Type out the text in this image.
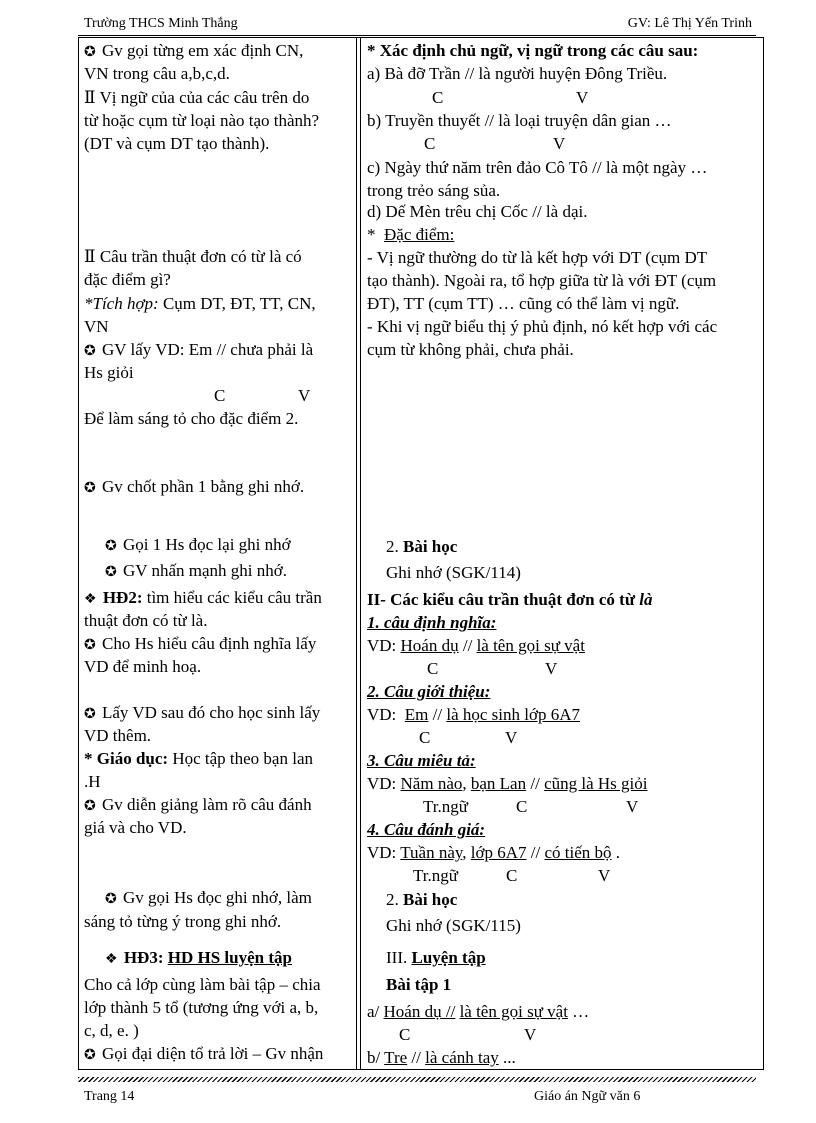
Trường THCS Minh Thắng	GV: Lê Thị Yến Trinh
✪ Gv gọi từng em xác định CN,
VN trong câu a,b,c,d.
Ⅱ Vị ngữ của của các câu trên do
từ hoặc cụm từ loại nào tạo thành?
(DT và cụm DT tạo thành).
Ⅱ Câu trần thuật đơn có từ là có
đặc điểm gì?
*Tích hợp: Cụm DT, ĐT, TT, CN,
VN
✪ GV lấy VD: Em // chưa phải là
Hs giỏi
C	V
Để làm sáng tỏ cho đặc điểm 2.
✪ Gv chốt phần 1 bằng ghi nhớ.
✪ Gọi 1 Hs đọc lại ghi nhớ
✪ GV nhấn mạnh ghi nhớ.
❖ HĐ2: tìm hiểu các kiểu câu trần
thuật đơn có từ là.
✪ Cho Hs hiểu câu định nghĩa lấy
VD để minh hoạ.
✪ Lấy VD sau đó cho học sinh lấy
VD thêm.
* Giáo dục: Học tập theo bạn lan
.H
✪ Gv diễn giảng làm rõ câu đánh
giá và cho VD.
✪ Gv gọi Hs đọc ghi nhớ, làm
sáng tỏ từng ý trong ghi nhớ.
❖ HĐ3: HD HS luyện tập
Cho cả lớp cùng làm bài tập – chia
lớp thành 5 tổ (tương ứng với a, b,
c, d, e. )
✪ Gọi đại diện tổ trả lời – Gv nhận
* Xác định chủ ngữ, vị ngữ trong các câu sau:
a) Bà đỡ Trần // là người huyện Đông Triều.
C	V
b) Truyền thuyết // là loại truyện dân gian …
C	V
c) Ngày thứ năm trên đảo Cô Tô // là một ngày …
trong trẻo sáng sủa.
d) Dế Mèn trêu chị Cốc // là dại.
*  Đặc điểm:
- Vị ngữ thường do từ là kết hợp với DT (cụm DT
tạo thành). Ngoài ra, tổ hợp giữa từ là với ĐT (cụm
ĐT), TT (cụm TT) … cũng có thể làm vị ngữ.
- Khi vị ngữ biểu thị ý phủ định, nó kết hợp với các
cụm từ không phải, chưa phải.
2. Bài học
Ghi nhớ (SGK/114)
II- Các kiểu câu trần thuật đơn có từ là
1. câu định nghĩa:
VD: Hoán dụ // là tên gọi sự vật
C	V
2. Câu giới thiệu:
VD:  Em // là học sinh lớp 6A7
C	V
3. Câu miêu tả:
VD: Năm nào, bạn Lan // cũng là Hs giỏi
Tr.ngữ	C	V
4. Câu đánh giá:
VD: Tuần này, lớp 6A7 // có tiến bộ .
Tr.ngữ	C	V
2. Bài học
Ghi nhớ (SGK/115)
III. Luyện tập
Bài tập 1
a/ Hoán dụ // là tên gọi sự vật …
C	V
b/ Tre // là cánh tay ...
Trang 14	Giáo án Ngữ văn 6
